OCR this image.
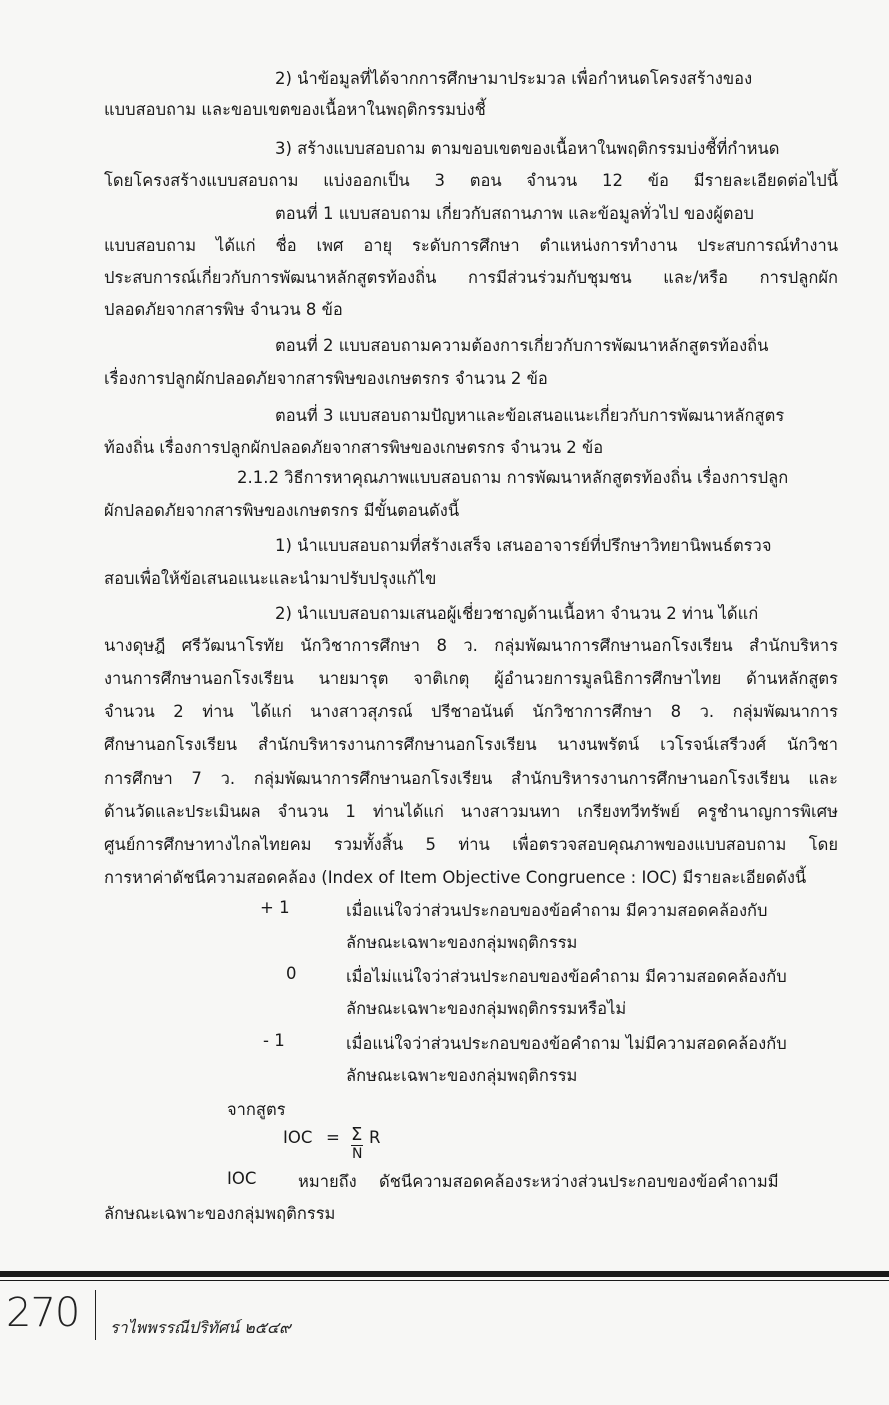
2) นำข้อมูลที่ได้จากการศึกษามาประมวล เพื่อกำหนดโครงสร้างของ
แบบสอบถาม และขอบเขตของเนื้อหาในพฤติกรรมบ่งชี้
3) สร้างแบบสอบถาม ตามขอบเขตของเนื้อหาในพฤติกรรมบ่งชี้ที่กำหนด
โดยโครงสร้างแบบสอบถาม แบ่งออกเป็น 3 ตอน จำนวน 12 ข้อ มีรายละเอียดต่อไปนี้
ตอนที่ 1 แบบสอบถาม เกี่ยวกับสถานภาพ และข้อมูลทั่วไป ของผู้ตอบ
แบบสอบถาม ได้แก่ ชื่อ เพศ อายุ ระดับการศึกษา ตำแหน่งการทำงาน ประสบการณ์ทำงาน
ประสบการณ์เกี่ยวกับการพัฒนาหลักสูตรท้องถิ่น การมีส่วนร่วมกับชุมชน และ/หรือ การปลูกผัก
ปลอดภัยจากสารพิษ จำนวน 8 ข้อ
ตอนที่ 2 แบบสอบถามความต้องการเกี่ยวกับการพัฒนาหลักสูตรท้องถิ่น
เรื่องการปลูกผักปลอดภัยจากสารพิษของเกษตรกร จำนวน 2 ข้อ
ตอนที่ 3 แบบสอบถามปัญหาและข้อเสนอแนะเกี่ยวกับการพัฒนาหลักสูตร
ท้องถิ่น เรื่องการปลูกผักปลอดภัยจากสารพิษของเกษตรกร จำนวน 2 ข้อ
2.1.2 วิธีการหาคุณภาพแบบสอบถาม การพัฒนาหลักสูตรท้องถิ่น เรื่องการปลูก
ผักปลอดภัยจากสารพิษของเกษตรกร มีขั้นตอนดังนี้
1) นำแบบสอบถามที่สร้างเสร็จ เสนออาจารย์ที่ปรึกษาวิทยานิพนธ์ตรวจ
สอบเพื่อให้ข้อเสนอแนะและนำมาปรับปรุงแก้ไข
2) นำแบบสอบถามเสนอผู้เชี่ยวชาญด้านเนื้อหา จำนวน 2 ท่าน ได้แก่
นางดุษฎี ศรีวัฒนาโรทัย นักวิชาการศึกษา 8 ว. กลุ่มพัฒนาการศึกษานอกโรงเรียน สำนักบริหาร
งานการศึกษานอกโรงเรียน นายมารุต จาติเกตุ ผู้อำนวยการมูลนิธิการศึกษาไทย ด้านหลักสูตร
จำนวน 2 ท่าน ได้แก่ นางสาวสุภรณ์ ปรีชาอนันต์ นักวิชาการศึกษา 8 ว. กลุ่มพัฒนาการ
ศึกษานอกโรงเรียน สำนักบริหารงานการศึกษานอกโรงเรียน นางนพรัตน์ เวโรจน์เสรีวงศ์ นักวิชา
การศึกษา 7 ว. กลุ่มพัฒนาการศึกษานอกโรงเรียน สำนักบริหารงานการศึกษานอกโรงเรียน และ
ด้านวัดและประเมินผล จำนวน 1 ท่านได้แก่ นางสาวมนทา เกรียงทวีทรัพย์ ครูชำนาญการพิเศษ
ศูนย์การศึกษาทางไกลไทยคม รวมทั้งสิ้น 5 ท่าน เพื่อตรวจสอบคุณภาพของแบบสอบถาม โดย
การหาค่าดัชนีความสอดคล้อง (Index of Item Objective Congruence : IOC) มีรายละเอียดดังนี้
+ 1	เมื่อแน่ใจว่าส่วนประกอบของข้อคำถาม มีความสอดคล้องกับ
ลักษณะเฉพาะของกลุ่มพฤติกรรม
0	เมื่อไม่แน่ใจว่าส่วนประกอบของข้อคำถาม มีความสอดคล้องกับ
ลักษณะเฉพาะของกลุ่มพฤติกรรมหรือไม่
- 1	เมื่อแน่ใจว่าส่วนประกอบของข้อคำถาม ไม่มีความสอดคล้องกับ
ลักษณะเฉพาะของกลุ่มพฤติกรรม
จากสูตร
IOC = Σ R
N
IOC	หมายถึง ดัชนีความสอดคล้องระหว่างส่วนประกอบของข้อคำถามมี
ลักษณะเฉพาะของกลุ่มพฤติกรรม
270 ราไพพรรณีปริทัศน์ ๒๕๔๙
